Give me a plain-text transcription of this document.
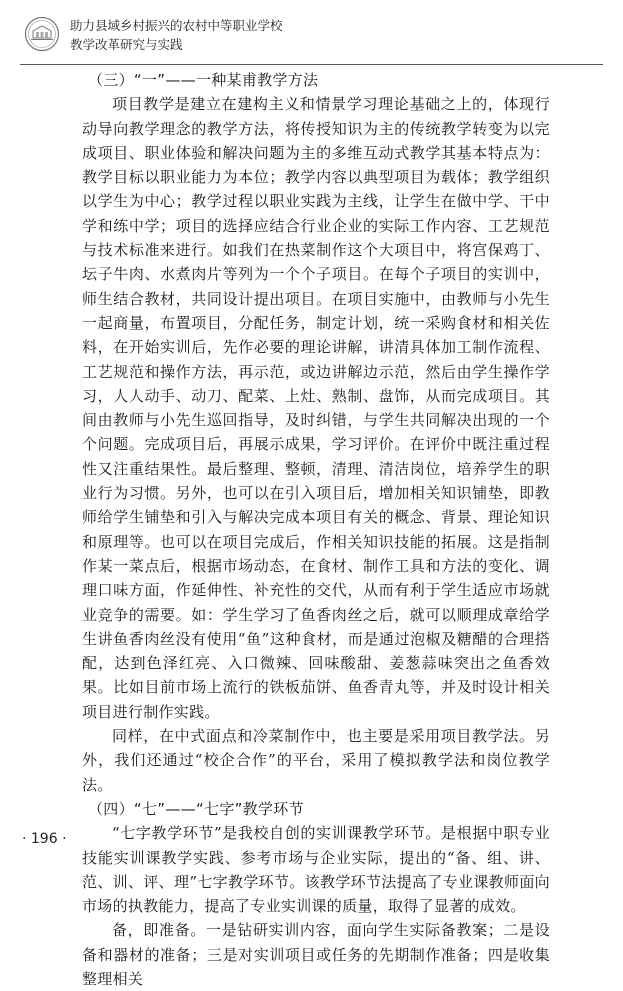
助力县域乡村振兴的农村中等职业学校
教学改革研究与实践

（三）“一”——一种某甫教学方法

项目教学是建立在建构主义和情景学习理论基础之上的，体现行动导向教学理念的教学方法，将传授知识为主的传统教学转变为以完成项目、职业体验和解决问题为主的多维互动式教学其基本特点为：教学目标以职业能力为本位；教学内容以典型项目为载体；教学组织以学生为中心；教学过程以职业实践为主线，让学生在做中学、干中学和练中学；项目的选择应结合行业企业的实际工作内容、工艺规范与技术标准来进行。如我们在热菜制作这个大项目中，将宫保鸡丁、坛子牛肉、水煮肉片等列为一个个子项目。在每个子项目的实训中，师生结合教材，共同设计提出项目。在项目实施中，由教师与小先生一起商量，布置项目，分配任务，制定计划，统一采购食材和相关佐料，在开始实训后，先作必要的理论讲解，讲清具体加工制作流程、工艺规范和操作方法，再示范，或边讲解边示范，然后由学生操作学习，人人动手、动刀、配菜、上灶、熟制、盘饰，从而完成项目。其间由教师与小先生巡回指导，及时纠错，与学生共同解决出现的一个个问题。完成项目后，再展示成果，学习评价。在评价中既注重过程性又注重结果性。最后整理、整顿，清理、清洁岗位，培养学生的职业行为习惯。另外，也可以在引入项目后，增加相关知识铺垫，即教师给学生铺垫和引入与解决完成本项目有关的概念、背景、理论知识和原理等。也可以在项目完成后，作相关知识技能的拓展。这是指制作某一菜点后，根据市场动态，在食材、制作工具和方法的变化、调理口味方面，作延伸性、补充性的交代，从而有利于学生适应市场就业竞争的需要。如：学生学习了鱼香肉丝之后，就可以顺理成章给学生讲鱼香肉丝没有使用“鱼”这种食材，而是通过泡椒及糖醋的合理搭配，达到色泽红亮、入口微辣、回味酸甜、姜葱蒜味突出之鱼香效果。比如目前市场上流行的铁板茄饼、鱼香青丸等，并及时设计相关项目进行制作实践。

同样，在中式面点和冷菜制作中，也主要是采用项目教学法。另外，我们还通过“校企合作”的平台，采用了模拟教学法和岗位教学法。

（四）“七”——“七字”教学环节

“七字教学环节”是我校自创的实训课教学环节。是根据中职专业技能实训课教学实践、参考市场与企业实际，提出的“备、组、讲、范、训、评、理”七字教学环节。该教学环节法提高了专业课教师面向市场的执教能力，提高了专业实训课的质量，取得了显著的成效。

备，即准备。一是钻研实训内容，面向学生实际备教案；二是设备和器材的准备；三是对实训项目或任务的先期制作准备；四是收集整理相关

· 196 ·
